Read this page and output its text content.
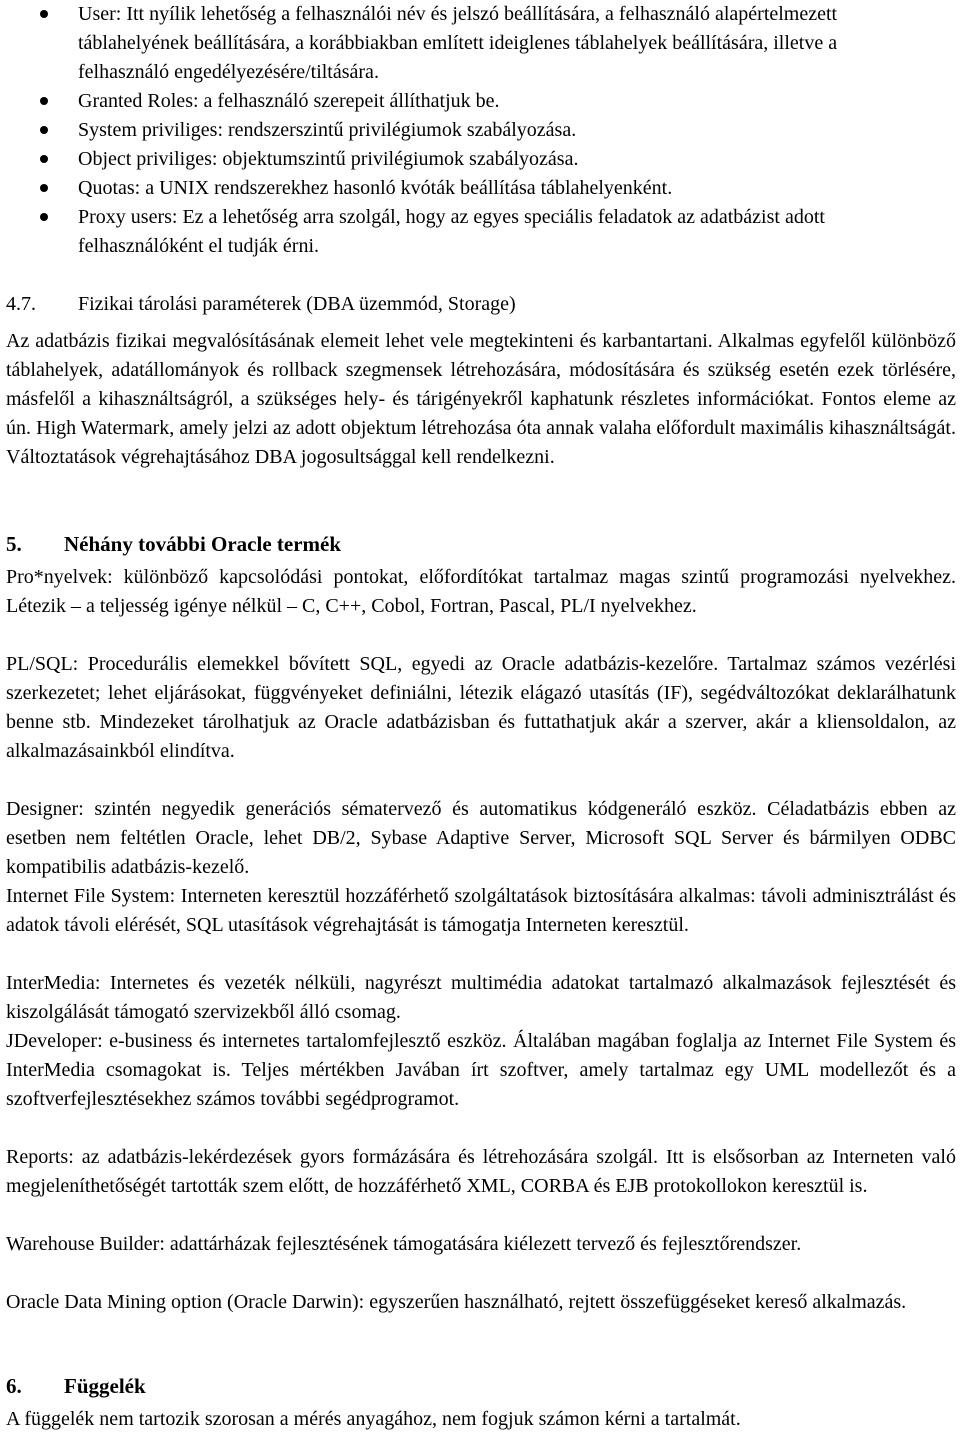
User: Itt nyílik lehetőség a felhasználói név és jelszó beállítására, a felhasználó alapértelmezett táblahelyének beállítására, a korábbiakban említett ideiglenes táblahelyek beállítására, illetve a felhasználó engedélyezésére/tiltására.
Granted Roles: a felhasználó szerepeit állíthatjuk be.
System priviliges: rendszerszintű privilégiumok szabályozása.
Object priviliges: objektumszintű privilégiumok szabályozása.
Quotas: a UNIX rendszerekhez hasonló kvóták beállítása táblahelyenként.
Proxy users: Ez a lehetőség arra szolgál, hogy az egyes speciális feladatok az adatbázist adott felhasználóként el tudják érni.
4.7. Fizikai tárolási paraméterek (DBA üzemmód, Storage)

Az adatbázis fizikai megvalósításának elemeit lehet vele megtekinteni és karbantartani. Alkalmas egyfelől különböző táblahelyek, adatállományok és rollback szegmensek létrehozására, módosítására és szükség esetén ezek törlésére, másfelől a kihasználtságról, a szükséges hely- és tárigényekről kaphatunk részletes információkat. Fontos eleme az ún. High Watermark, amely jelzi az adott objektum létrehozása óta annak valaha előfordult maximális kihasználtságát. Változtatások végrehajtásához DBA jogosultsággal kell rendelkezni.

5. Néhány további Oracle termék

Pro*nyelvek: különböző kapcsolódási pontokat, előfordítókat tartalmaz magas szintű programozási nyelvekhez. Létezik – a teljesség igénye nélkül – C, C++, Cobol, Fortran, Pascal, PL/I nyelvekhez.

PL/SQL: Procedurális elemekkel bővített SQL, egyedi az Oracle adatbázis-kezelőre. Tartalmaz számos vezérlési szerkezetet; lehet eljárásokat, függvényeket definiálni, létezik elágazó utasítás (IF), segédváltozókat deklarálhatunk benne stb. Mindezeket tárolhatjuk az Oracle adatbázisban és futtathatjuk akár a szerver, akár a kliensoldalon, az alkalmazásainkból elindítva.

Designer: szintén negyedik generációs sématervező és automatikus kódgeneráló eszköz. Céladatbázis ebben az esetben nem feltétlen Oracle, lehet DB/2, Sybase Adaptive Server, Microsoft SQL Server és bármilyen ODBC kompatibilis adatbázis-kezelő.

Internet File System: Interneten keresztül hozzáférhető szolgáltatások biztosítására alkalmas: távoli adminisztrálást és adatok távoli elérését, SQL utasítások végrehajtását is támogatja Interneten keresztül.

InterMedia: Internetes és vezeték nélküli, nagyrészt multimédia adatokat tartalmazó alkalmazások fejlesztését és kiszolgálását támogató szervizekből álló csomag.

JDeveloper: e-business és internetes tartalomfejlesztő eszköz. Általában magában foglalja az Internet File System és InterMedia csomagokat is. Teljes mértékben Javában írt szoftver, amely tartalmaz egy UML modellezőt és a szoftverfejlesztésekhez számos további segédprogramot.

Reports: az adatbázis-lekérdezések gyors formázására és létrehozására szolgál. Itt is elsősorban az Interneten való megjeleníthetőségét tartották szem előtt, de hozzáférhető XML, CORBA és EJB protokollokon keresztül is.

Warehouse Builder: adattárházak fejlesztésének támogatására kiélezett tervező és fejlesztőrendszer.

Oracle Data Mining option (Oracle Darwin): egyszerűen használható, rejtett összefüggéseket kereső alkalmazás.

6. Függelék

A függelék nem tartozik szorosan a mérés anyagához, nem fogjuk számon kérni a tartalmát.
